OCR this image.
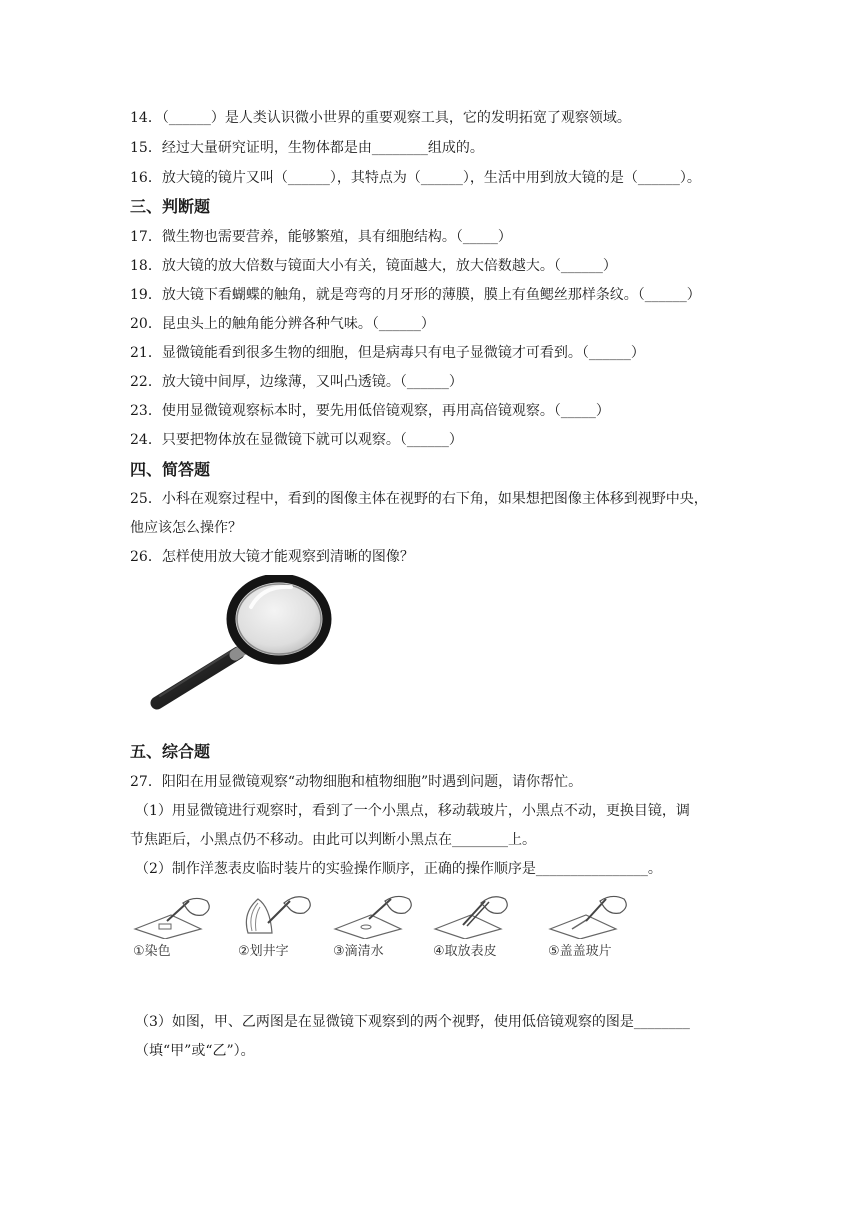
14．（______）是人类认识微小世界的重要观察工具，它的发明拓宽了观察领域。
15．经过大量研究证明，生物体都是由________组成的。
16．放大镜的镜片又叫（______），其特点为（______），生活中用到放大镜的是（______）。
三、判断题
17．微生物也需要营养，能够繁殖，具有细胞结构。（_____）
18．放大镜的放大倍数与镜面大小有关，镜面越大，放大倍数越大。（______）
19．放大镜下看蝴蝶的触角，就是弯弯的月牙形的薄膜，膜上有鱼鳃丝那样条纹。（______）
20．昆虫头上的触角能分辨各种气味。（______）
21．显微镜能看到很多生物的细胞，但是病毒只有电子显微镜才可看到。（______）
22．放大镜中间厚，边缘薄，又叫凸透镜。（______）
23．使用显微镜观察标本时，要先用低倍镜观察，再用高倍镜观察。（_____）
24．只要把物体放在显微镜下就可以观察。（______）
四、简答题
25．小科在观察过程中，看到的图像主体在视野的右下角，如果想把图像主体移到视野中央，
他应该怎么操作？
26．怎样使用放大镜才能观察到清晰的图像？
五、综合题
27．阳阳在用显微镜观察“动物细胞和植物细胞”时遇到问题，请你帮忙。
（1）用显微镜进行观察时，看到了一个小黑点，移动载玻片，小黑点不动，更换目镜，调
节焦距后，小黑点仍不移动。由此可以判断小黑点在________上。
（2）制作洋葱表皮临时装片的实验操作顺序，正确的操作顺序是________________。
①染色	②划井字	③滴清水	④取放表皮	⑤盖盖玻片
（3）如图，甲、乙两图是在显微镜下观察到的两个视野，使用低倍镜观察的图是________
（填“甲”或“乙”）。
